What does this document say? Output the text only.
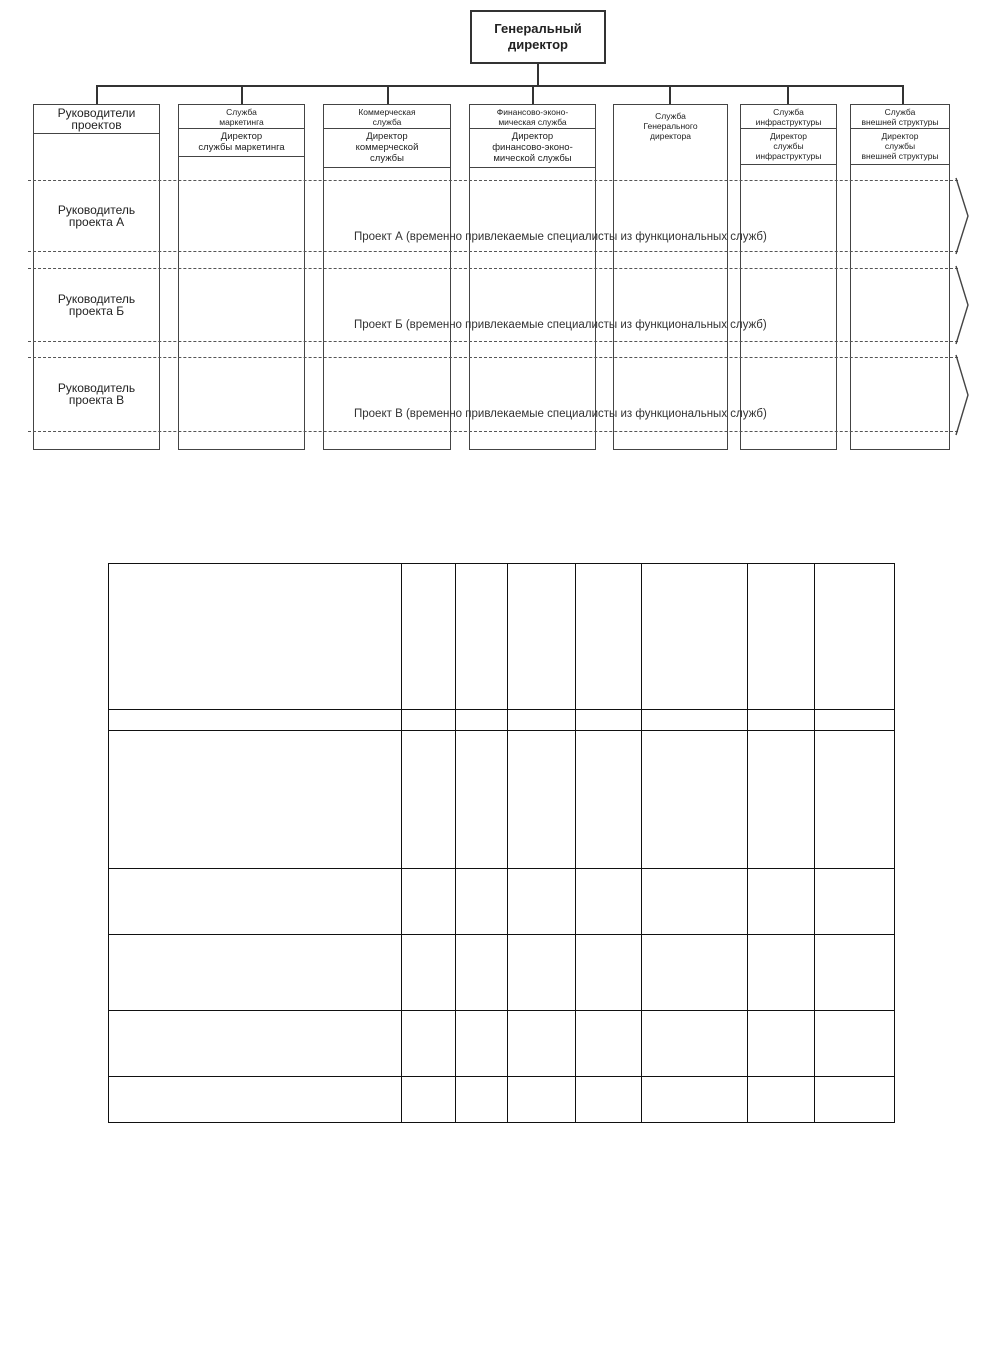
Генеральный
директор
Руководители
проектов
Служба
маркетинга
Директор
службы маркетинга
Коммерческая
служба
Директор
коммерческой
службы
Финансово-эконо-
мическая служба
Директор
финансово-эконо-
мической службы
Служба
Генерального
директора
Служба
инфраструктуры
Директор
службы
инфраструктуры
Служба
внешней структуры
Директор
службы
внешней структуры
Руководитель
проекта А
Руководитель
проекта Б
Руководитель
проекта В
Проект А (временно привлекаемые специалисты из функциональных служб)
Проект Б (временно привлекаемые специалисты из функциональных служб)
Проект В (временно привлекаемые специалисты из функциональных служб)
